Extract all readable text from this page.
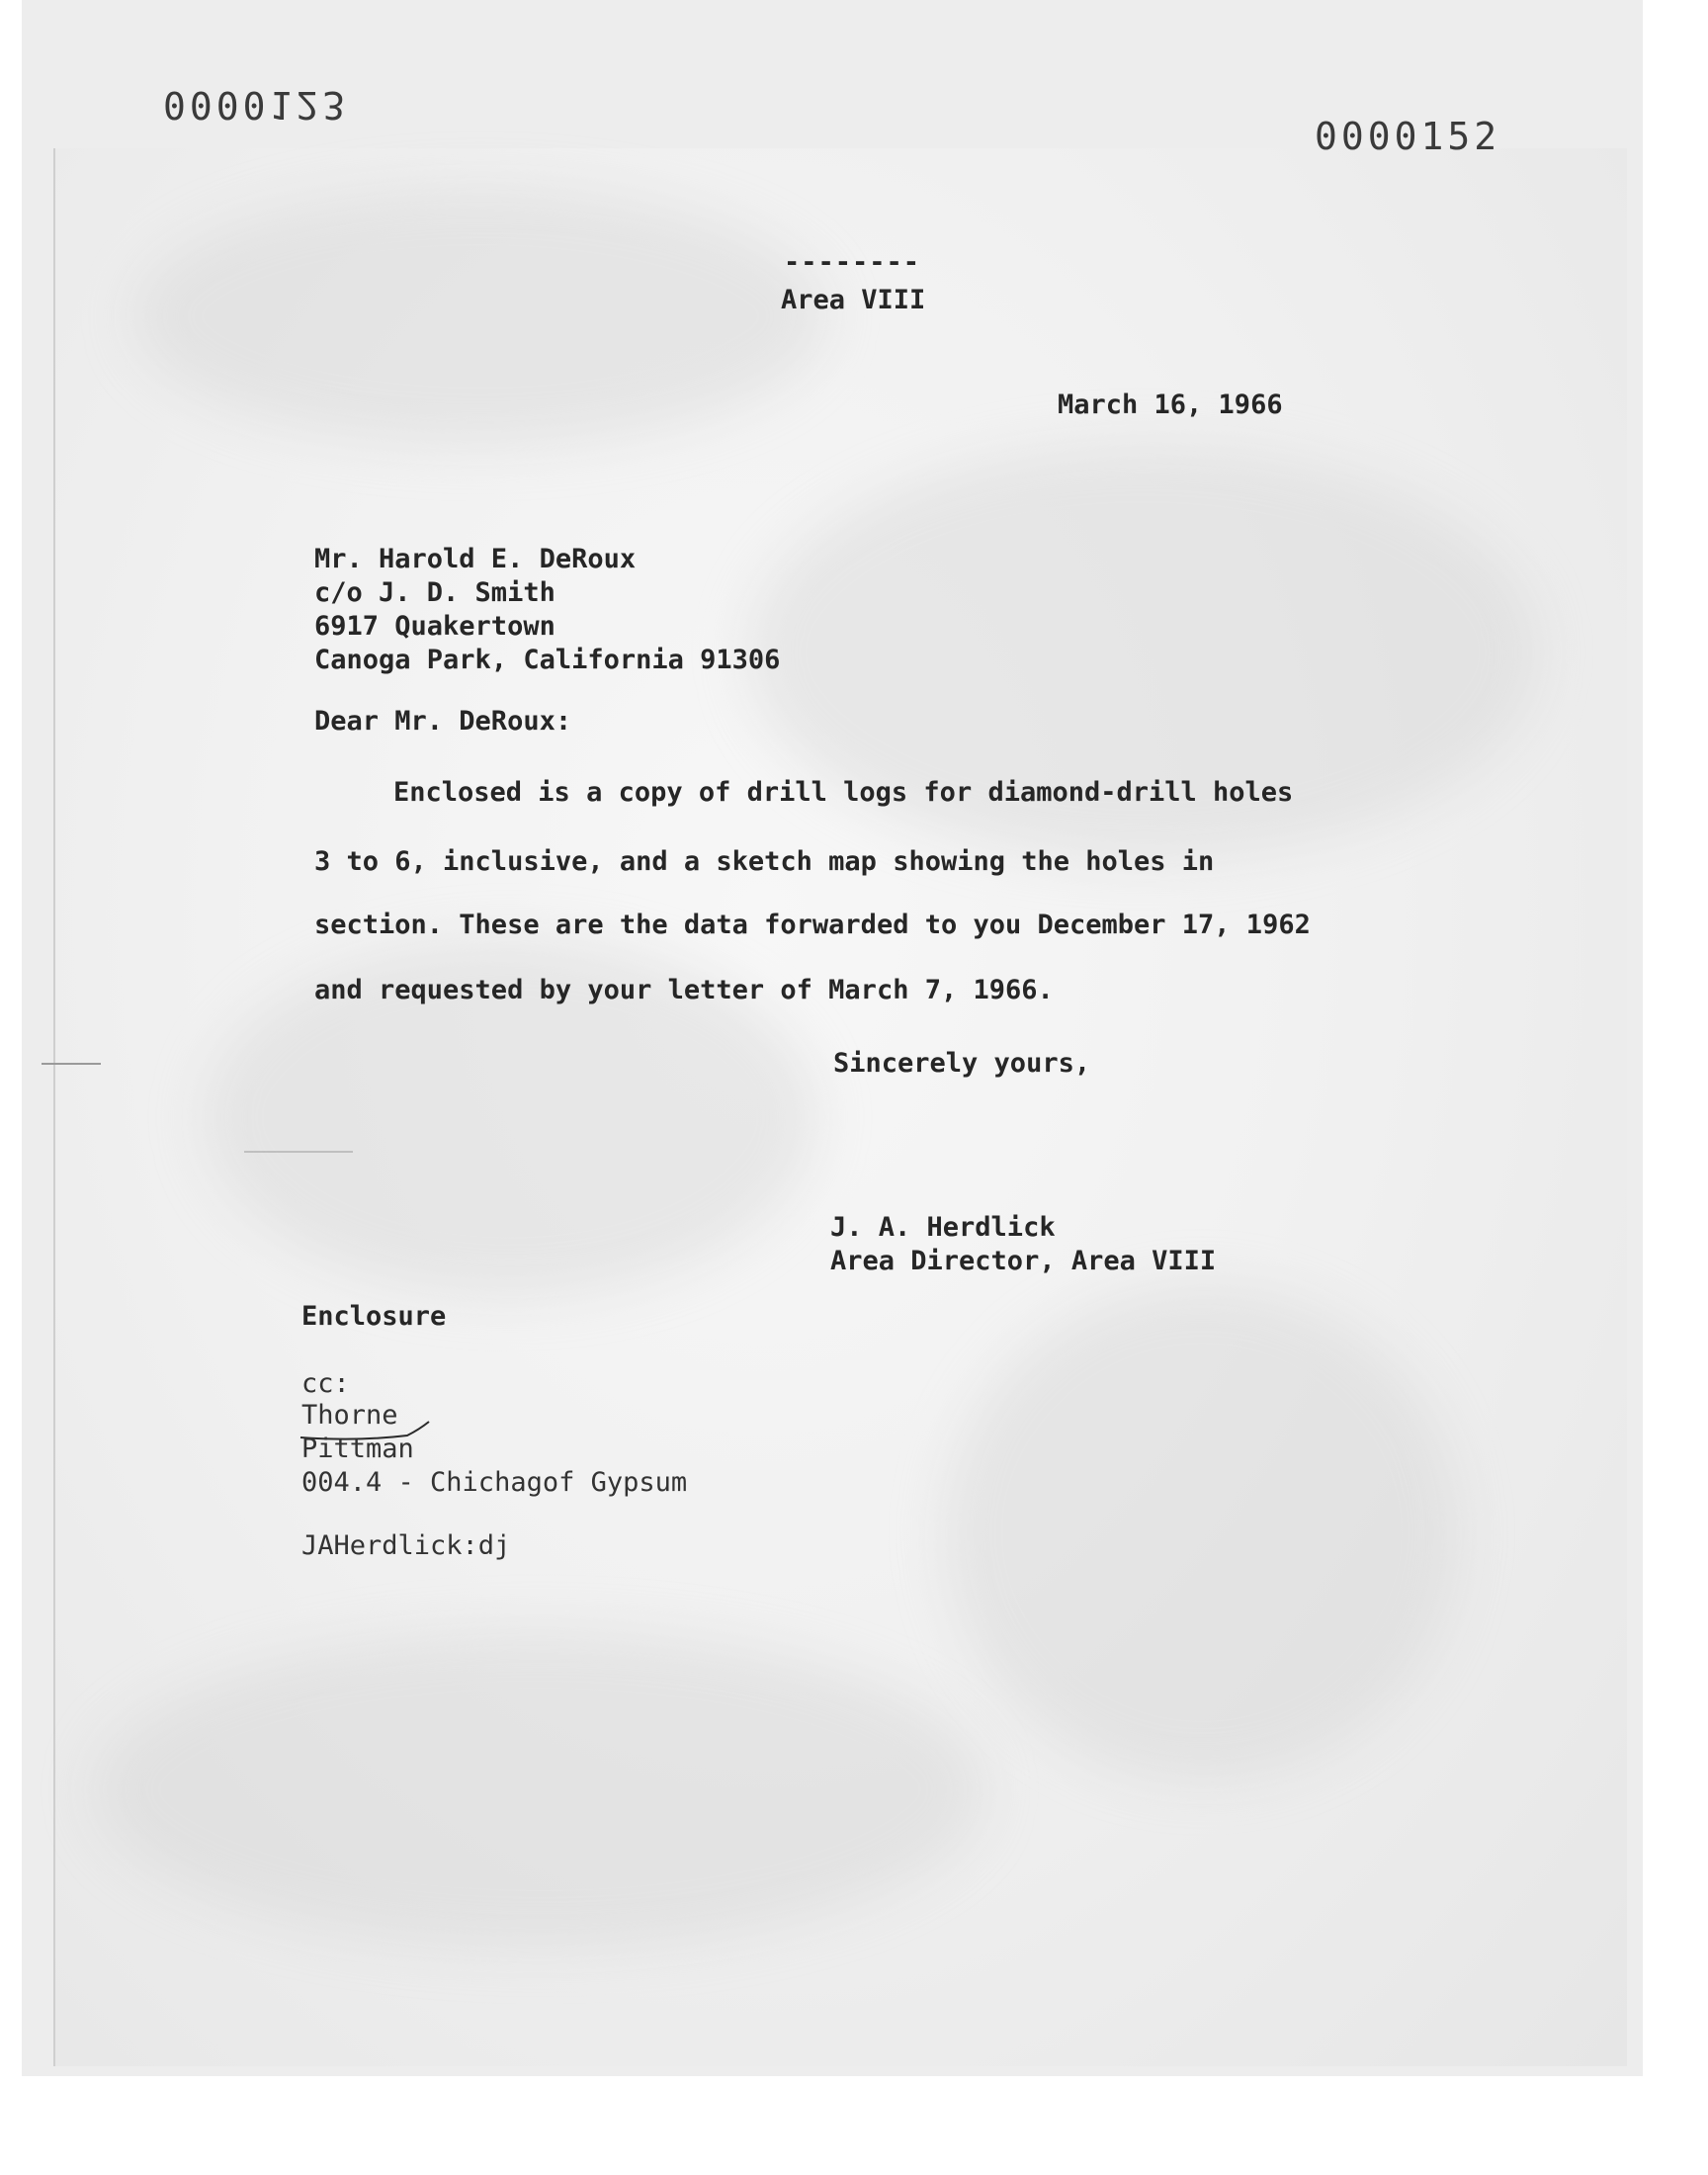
0000123
0000152
--------
Area VIII
March 16, 1966
Mr. Harold E. DeRoux
c/o J. D. Smith
6917 Quakertown
Canoga Park, California 91306
Dear Mr. DeRoux:
Enclosed is a copy of drill logs for diamond-drill holes
3 to 6, inclusive, and a sketch map showing the holes in
section. These are the data forwarded to you December 17, 1962
and requested by your letter of March 7, 1966.
Sincerely yours,
J. A. Herdlick
Area Director, Area VIII
Enclosure
cc:
Thorne
Pittman
004.4 - Chichagof Gypsum
JAHerdlick:dj
